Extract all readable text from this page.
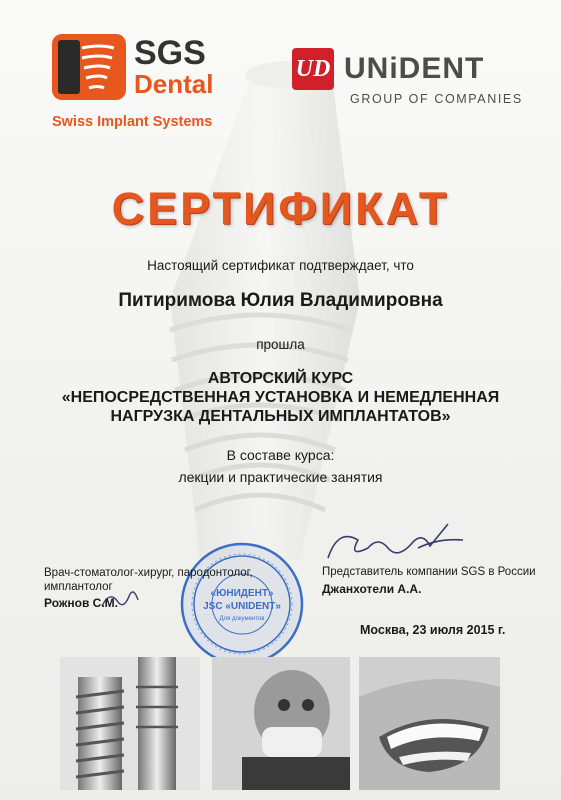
SGS
Dental
Swiss Implant Systems
UD UNiDENT
GROUP OF COMPANIES
СЕРТИФИКАТ
Настоящий сертификат подтверждает, что
Питиримова Юлия Владимировна
прошла
АВТОРСКИЙ КУРС
«НЕПОСРЕДСТВЕННАЯ УСТАНОВКА И НЕМЕДЛЕННАЯ
НАГРУЗКА ДЕНТАЛЬНЫХ ИМПЛАНТАТОВ»
В составе курса:
лекции и практические занятия
«ЮНИДЕНТ»
JSC «UNIDENT»
Для документов
Врач-стоматолог-хирург, пародонтолог,
имплантолог
Рожнов С.М.
Представитель компании SGS в России
Джанхотели А.А.
Москва, 23 июля 2015 г.
